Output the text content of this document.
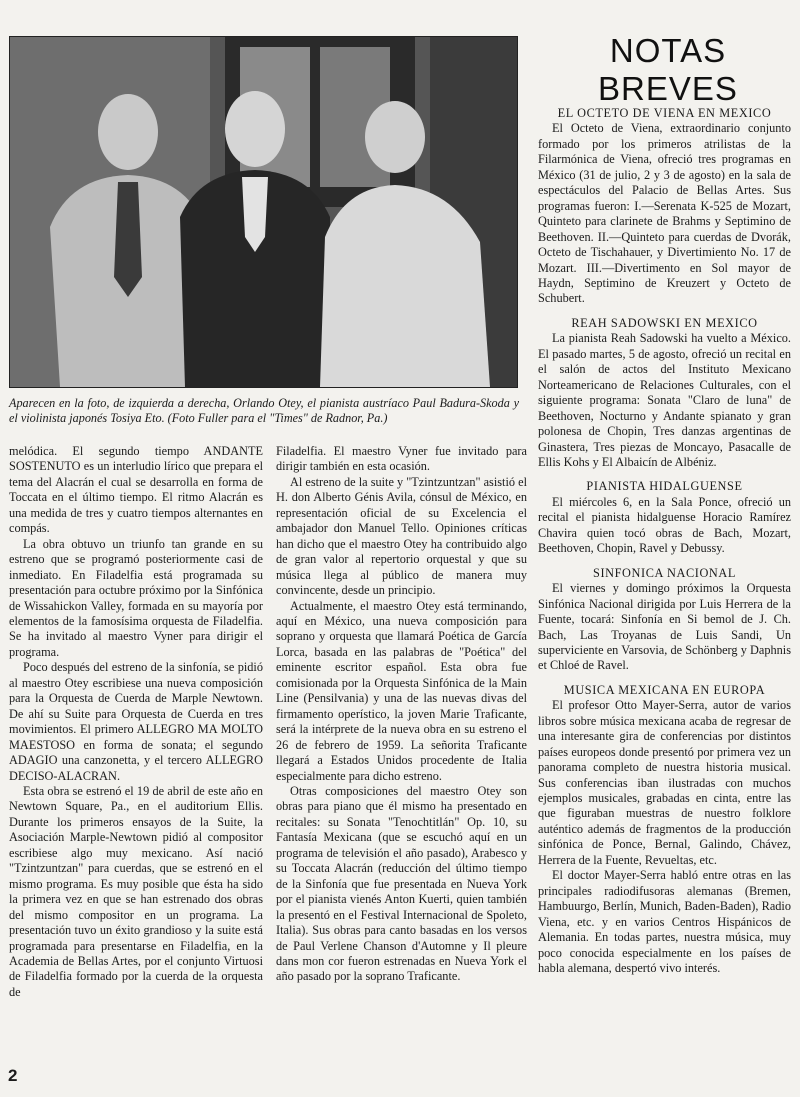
Aparecen en la foto, de izquierda a derecha, Orlando Otey, el pianista austríaco Paul Badura-Skoda y el violinista japonés Tosiya Eto. (Foto Fuller para el "Times" de Radnor, Pa.)
NOTAS BREVES

melódica. El segundo tiempo ANDANTE SOSTENUTO es un interludio lírico que prepara el tema del Alacrán el cual se desarrolla en forma de Toccata en el último tiempo. El ritmo Alacrán es una medida de tres y cuatro tiempos alternantes en compás.

La obra obtuvo un triunfo tan grande en su estreno que se programó posteriormente casi de inmediato. En Filadelfia está programada su presentación para octubre próximo por la Sinfónica de Wissahickon Valley, formada en su mayoría por elementos de la famosísima orquesta de Filadelfia. Se ha invitado al maestro Vyner para dirigir el programa.

Poco después del estreno de la sinfonía, se pidió al maestro Otey escribiese una nueva composición para la Orquesta de Cuerda de Marple Newtown. De ahí su Suite para Orquesta de Cuerda en tres movimientos. El primero ALLEGRO MA MOLTO MAESTOSO en forma de sonata; el segundo ADAGIO una canzonetta, y el tercero ALLEGRO DECISO-ALACRAN.

Esta obra se estrenó el 19 de abril de este año en Newtown Square, Pa., en el auditorium Ellis. Durante los primeros ensayos de la Suite, la Asociación Marple-Newtown pidió al compositor escribiese algo muy mexicano. Así nació "Tzintzuntzan" para cuerdas, que se estrenó en el mismo programa. Es muy posible que ésta ha sido la primera vez en que se han estrenado dos obras del mismo compositor en un programa. La presentación tuvo un éxito grandioso y la suite está programada para presentarse en Filadelfia, en la Academia de Bellas Artes, por el conjunto Virtuosi de Filadelfia formado por la cuerda de la orquesta de

Filadelfia. El maestro Vyner fue invitado para dirigir también en esta ocasión.

Al estreno de la suite y "Tzintzuntzan" asistió el H. don Alberto Génis Avila, cónsul de México, en representación oficial de su Excelencia el ambajador don Manuel Tello. Opiniones críticas han dicho que el maestro Otey ha contribuido algo de gran valor al repertorio orquestal y que su música llega al público de manera muy convincente, desde un principio.

Actualmente, el maestro Otey está terminando, aquí en México, una nueva composición para soprano y orquesta que llamará Poética de García Lorca, basada en las palabras de "Poética" del eminente escritor español. Esta obra fue comisionada por la Orquesta Sinfónica de la Main Line (Pensilvania) y una de las nuevas divas del firmamento operístico, la joven Marie Traficante, será la intérprete de la nueva obra en su estreno el 26 de febrero de 1959. La señorita Traficante llegará a Estados Unidos procedente de Italia especialmente para dicho estreno.

Otras composiciones del maestro Otey son obras para piano que él mismo ha presentado en recitales: su Sonata "Tenochtitlán" Op. 10, su Fantasía Mexicana (que se escuchó aquí en un programa de televisión el año pasado), Arabesco y su Toccata Alacrán (reducción del último tiempo de la Sinfonía que fue presentada en Nueva York por el pianista vienés Anton Kuerti, quien también la presentó en el Festival Internacional de Spoleto, Italia). Sus obras para canto basadas en los versos de Paul Verlene Chanson d'Automne y Il pleure dans mon cor fueron estrenadas en Nueva York el año pasado por la soprano Traficante.

EL OCTETO DE VIENA EN MEXICO

El Octeto de Viena, extraordinario conjunto formado por los primeros atrilistas de la Filarmónica de Viena, ofreció tres programas en México (31 de julio, 2 y 3 de agosto) en la sala de espectáculos del Palacio de Bellas Artes. Sus programas fueron: I.—Serenata K-525 de Mozart, Quinteto para clarinete de Brahms y Septimino de Beethoven. II.—Quinteto para cuerdas de Dvorák, Octeto de Tischahauer, y Divertimiento No. 17 de Mozart. III.—Divertimento en Sol mayor de Haydn, Septimino de Kreuzert y Octeto de Schubert.

REAH SADOWSKI EN MEXICO

La pianista Reah Sadowski ha vuelto a México. El pasado martes, 5 de agosto, ofreció un recital en el salón de actos del Instituto Mexicano Norteamericano de Relaciones Culturales, con el siguiente programa: Sonata "Claro de luna" de Beethoven, Nocturno y Andante spianato y gran polonesa de Chopin, Tres danzas argentinas de Ginastera, Tres piezas de Moncayo, Pasacalle de Ellis Kohs y El Albaicín de Albéniz.

PIANISTA HIDALGUENSE

El miércoles 6, en la Sala Ponce, ofreció un recital el pianista hidalguense Horacio Ramírez Chavira quien tocó obras de Bach, Mozart, Beethoven, Chopin, Ravel y Debussy.

SINFONICA NACIONAL

El viernes y domingo próximos la Orquesta Sinfónica Nacional dirigida por Luis Herrera de la Fuente, tocará: Sinfonía en Si bemol de J. Ch. Bach, Las Troyanas de Luis Sandi, Un superviciente en Varsovia, de Schönberg y Daphnis et Chloé de Ravel.

MUSICA MEXICANA EN EUROPA

El profesor Otto Mayer-Serra, autor de varios libros sobre música mexicana acaba de regresar de una interesante gira de conferencias por distintos países europeos donde presentó por primera vez un panorama completo de nuestra historia musical. Sus conferencias iban ilustradas con muchos ejemplos musicales, grabadas en cinta, entre las que figuraban muestras de nuestro folklore auténtico además de fragmentos de la producción sinfónica de Ponce, Bernal, Galindo, Chávez, Herrera de la Fuente, Revueltas, etc.

El doctor Mayer-Serra habló entre otras en las principales radiodifusoras alemanas (Bremen, Hambuurgo, Berlín, Munich, Baden-Baden), Radio Viena, etc. y en varios Centros Hispánicos de Alemania. En todas partes, nuestra música, muy poco conocida especialmente en los países de habla alemana, despertó vivo interés.

2
